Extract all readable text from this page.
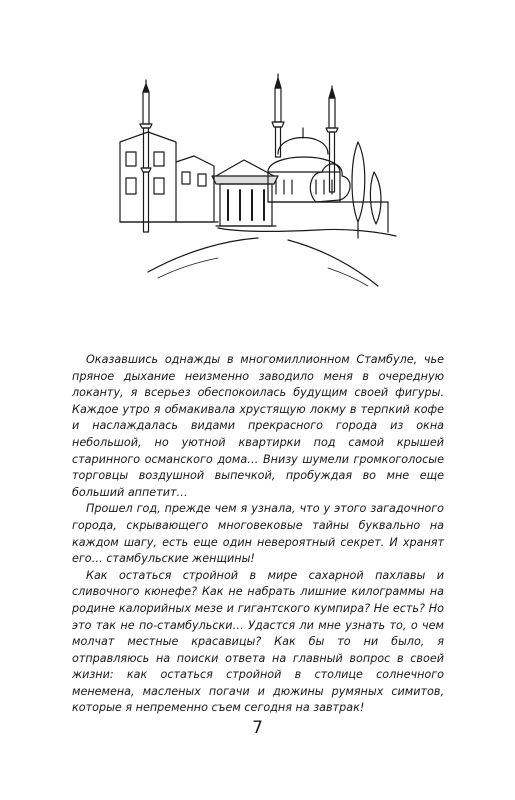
Оказавшись однажды в многомиллионном Стамбуле, чье пряное дыхание неизменно заводило меня в очередную локанту, я всерьез обеспокоилась будущим своей фигуры. Каждое утро я обмакивала хрустящую локму в терпкий кофе и наслаждалась видами прекрасного города из окна небольшой, но уютной квартирки под самой крышей старинного османского дома… Внизу шумели громкоголосые торговцы воздушной выпечкой, пробуждая во мне еще больший аппетит…

Прошел год, прежде чем я узнала, что у этого загадочного города, скрывающего многовековые тайны буквально на каждом шагу, есть еще один невероятный секрет. И хранят его… стамбульские женщины!

Как остаться стройной в мире сахарной пахлавы и сливочного кюнефе? Как не набрать лишние килограммы на родине калорийных мезе и гигантского кумпира? Не есть? Но это так не по-стамбульски… Удастся ли мне узнать то, о чем молчат местные красавицы? Как бы то ни было, я отправляюсь на поиски ответа на главный вопрос в своей жизни: как остаться стройной в столице солнечного менемена, масленых погачи и дюжины румяных симитов, которые я непременно съем сегодня на завтрак!

7
